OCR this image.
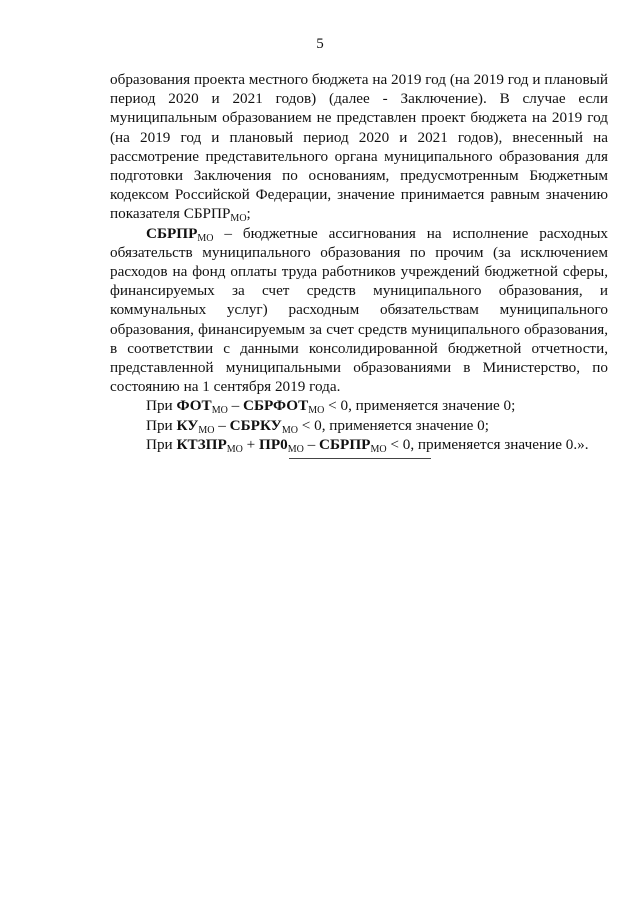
5

образования проекта местного бюджета на 2019 год (на 2019 год и плановый период 2020 и 2021 годов) (далее - Заключение). В случае если муниципальным образованием не представлен проект бюджета на 2019 год (на 2019 год и плановый период 2020 и 2021 годов), внесенный на рассмотрение представительного органа муниципального образования для подготовки Заключения по основаниям, предусмотренным Бюджетным кодексом Российской Федерации, значение принимается равным значению показателя $СБРПР_{МО}$;

$СБРПР_{МО}$ – бюджетные ассигнования на исполнение расходных обязательств муниципального образования по прочим (за исключением расходов на фонд оплаты труда работников учреждений бюджетной сферы, финансируемых за счет средств муниципального образования, и коммунальных услуг) расходным обязательствам муниципального образования, финансируемым за счет средств муниципального образования, в соответствии с данными консолидированной бюджетной отчетности, представленной муниципальными образованиями в Министерство, по состоянию на 1 сентября 2019 года.

При $ФОТ_{МО}$ – $СБРФОТ_{МО} < 0$, применяется значение 0;

При $КУ_{МО}$ – $СБРКУ_{МО} < 0$, применяется значение 0;

При $КТЗПР_{МО} + ПР0_{МО}$ – $СБРПР_{МО} < 0$, применяется значение 0.».
